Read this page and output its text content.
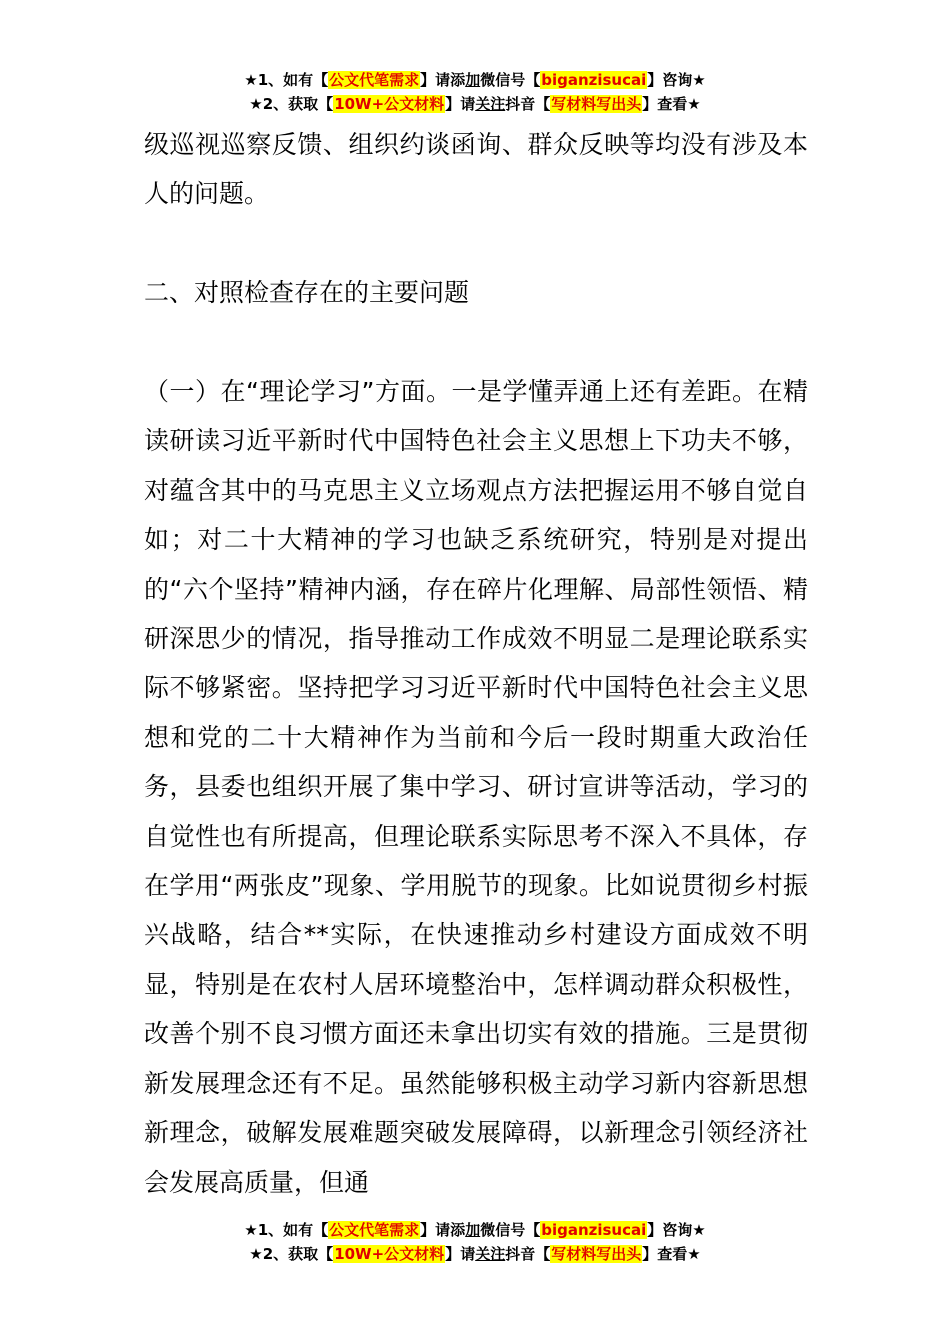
★1、如有【公文代笔需求】请添加微信号【biganzisucai】咨询★
★2、获取【10W+公文材料】请关注抖音【写材料写出头】查看★

级巡视巡察反馈、组织约谈函询、群众反映等均没有涉及本人的问题。

二、对照检查存在的主要问题

（一）在“理论学习”方面。一是学懂弄通上还有差距。在精读研读习近平新时代中国特色社会主义思想上下功夫不够，对蕴含其中的马克思主义立场观点方法把握运用不够自觉自如；对二十大精神的学习也缺乏系统研究，特别是对提出的“六个坚持”精神内涵，存在碎片化理解、局部性领悟、精研深思少的情况，指导推动工作成效不明显二是理论联系实际不够紧密。坚持把学习习近平新时代中国特色社会主义思想和党的二十大精神作为当前和今后一段时期重大政治任务，县委也组织开展了集中学习、研讨宣讲等活动，学习的自觉性也有所提高，但理论联系实际思考不深入不具体，存在学用“两张皮”现象、学用脱节的现象。比如说贯彻乡村振兴战略，结合**实际，在快速推动乡村建设方面成效不明显，特别是在农村人居环境整治中，怎样调动群众积极性，改善个别不良习惯方面还未拿出切实有效的措施。三是贯彻新发展理念还有不足。虽然能够积极主动学习新内容新思想新理念，破解发展难题突破发展障碍，以新理念引领经济社会发展高质量，但通

★1、如有【公文代笔需求】请添加微信号【biganzisucai】咨询★
★2、获取【10W+公文材料】请关注抖音【写材料写出头】查看★
